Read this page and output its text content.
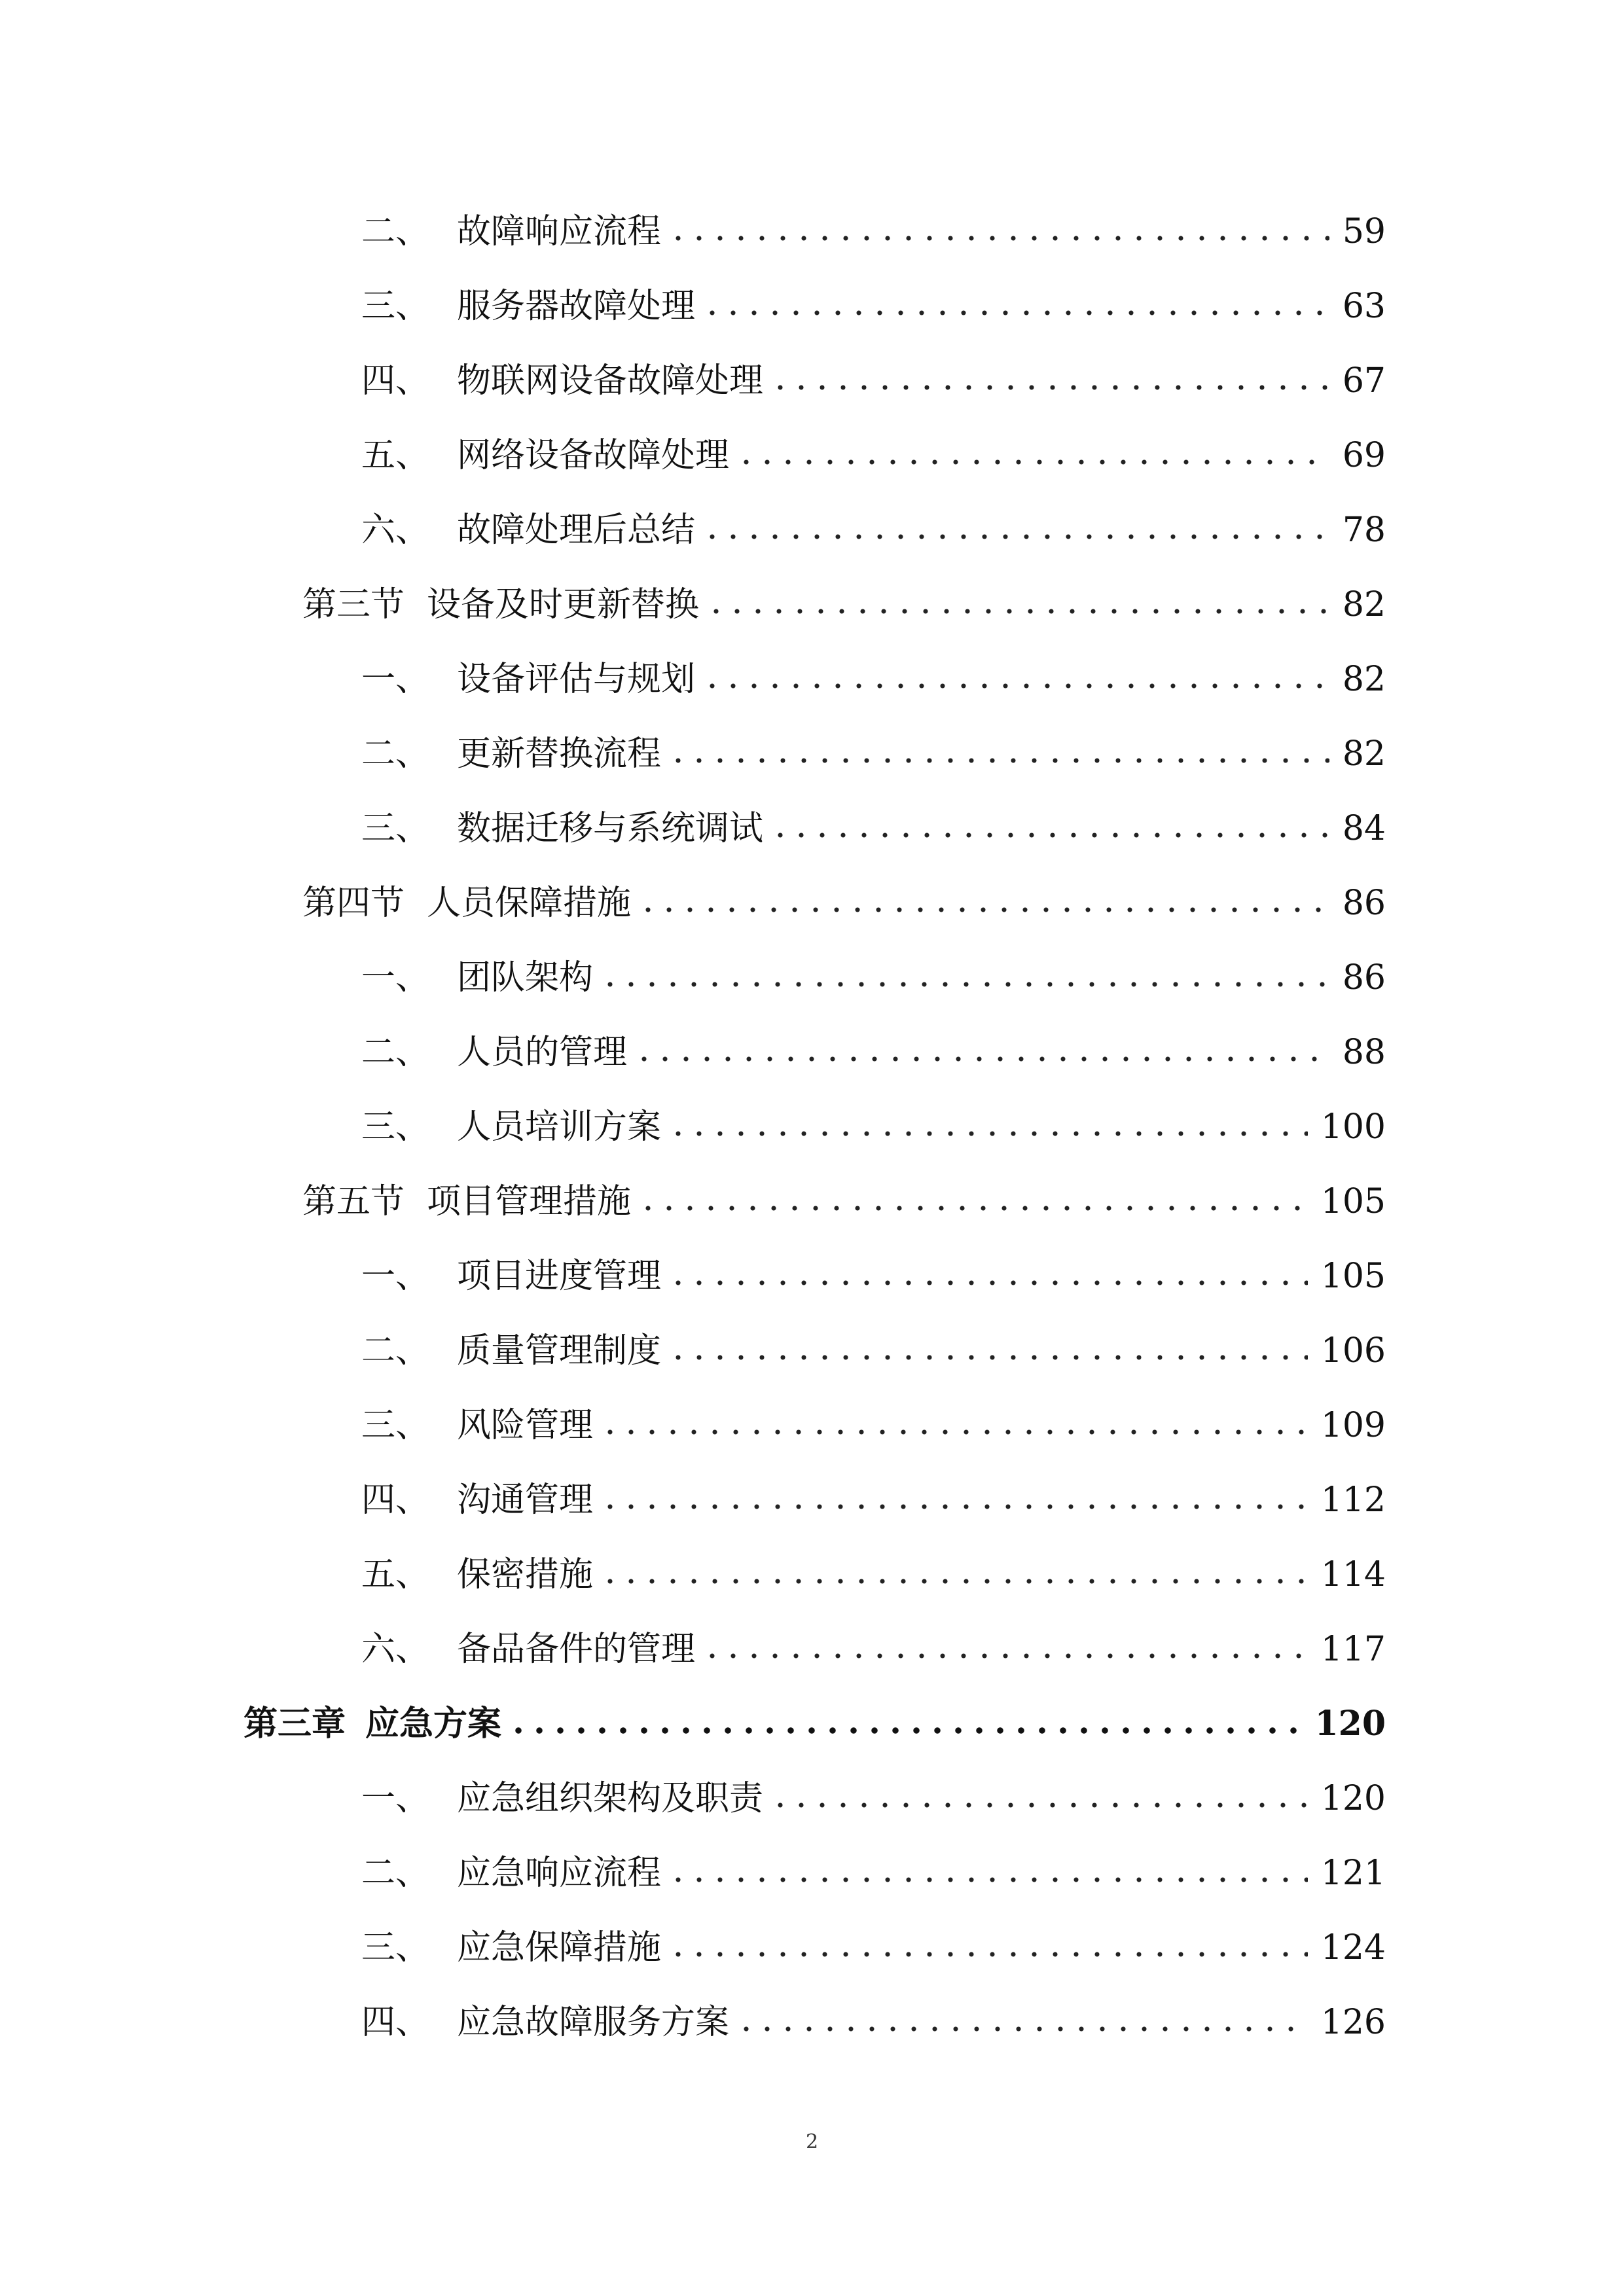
二、 故障响应流程	59
三、 服务器故障处理	63
四、 物联网设备故障处理	67
五、 网络设备故障处理	69
六、 故障处理后总结	78
第三节 设备及时更新替换	82
一、 设备评估与规划	82
二、 更新替换流程	82
三、 数据迁移与系统调试	84
第四节 人员保障措施	86
一、 团队架构	86
二、 人员的管理	88
三、 人员培训方案	100
第五节 项目管理措施	105
一、 项目进度管理	105
二、 质量管理制度	106
三、 风险管理	109
四、 沟通管理	112
五、 保密措施	114
六、 备品备件的管理	117
第三章 应急方案	120
一、 应急组织架构及职责	120
二、 应急响应流程	121
三、 应急保障措施	124
四、 应急故障服务方案	126
2
